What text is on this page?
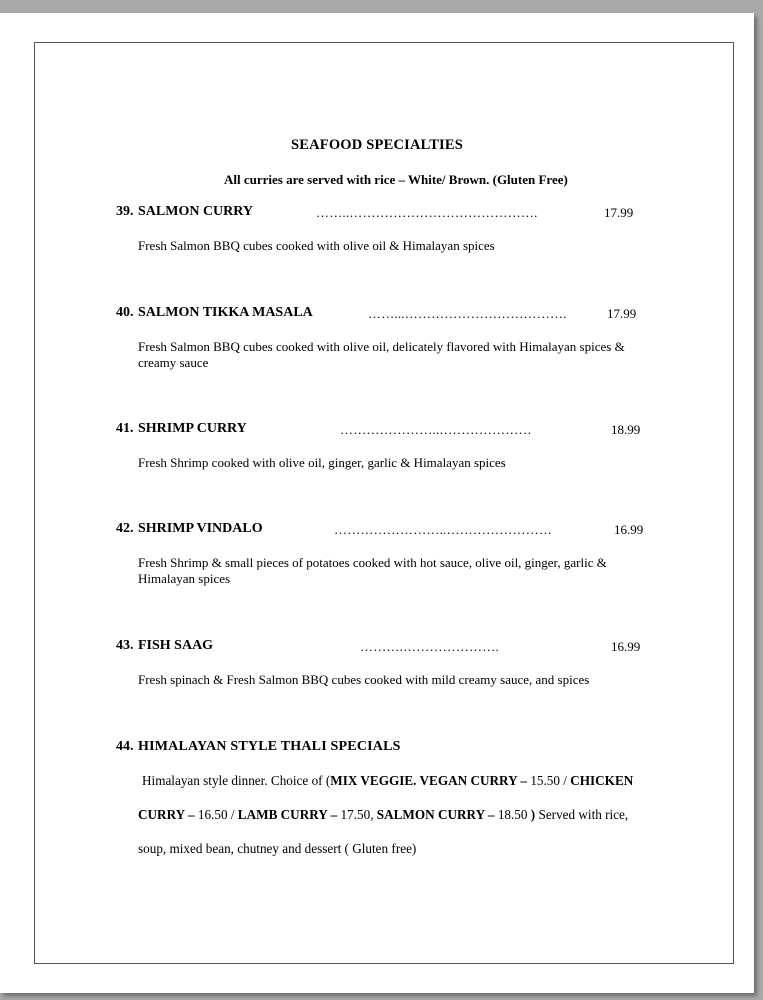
SEAFOOD SPECIALTIES
All curries are served with rice – White/ Brown. (Gluten Free)
39. SALMON CURRY	……..…………………………………….	17.99
Fresh Salmon BBQ cubes cooked with olive oil & Himalayan spices
40. SALMON TIKKA MASALA	……...……………………………….	17.99
Fresh Salmon BBQ cubes cooked with olive oil, delicately flavored with Himalayan spices & creamy sauce
41. SHRIMP CURRY	…………………..…………………	18.99
Fresh Shrimp cooked with olive oil, ginger, garlic & Himalayan spices
42. SHRIMP VINDALO	……………………..……………………	16.99
Fresh Shrimp & small pieces of potatoes cooked with hot sauce, olive oil, ginger, garlic & Himalayan spices
43. FISH SAAG	……….………………….	16.99
Fresh spinach & Fresh Salmon BBQ cubes cooked with mild creamy sauce, and spices
44. HIMALAYAN STYLE THALI SPECIALS
Himalayan style dinner. Choice of (MIX VEGGIE. VEGAN CURRY – 15.50 / CHICKEN
CURRY – 16.50 / LAMB CURRY – 17.50, SALMON CURRY – 18.50 ) Served with rice,
soup, mixed bean, chutney and dessert ( Gluten free)
